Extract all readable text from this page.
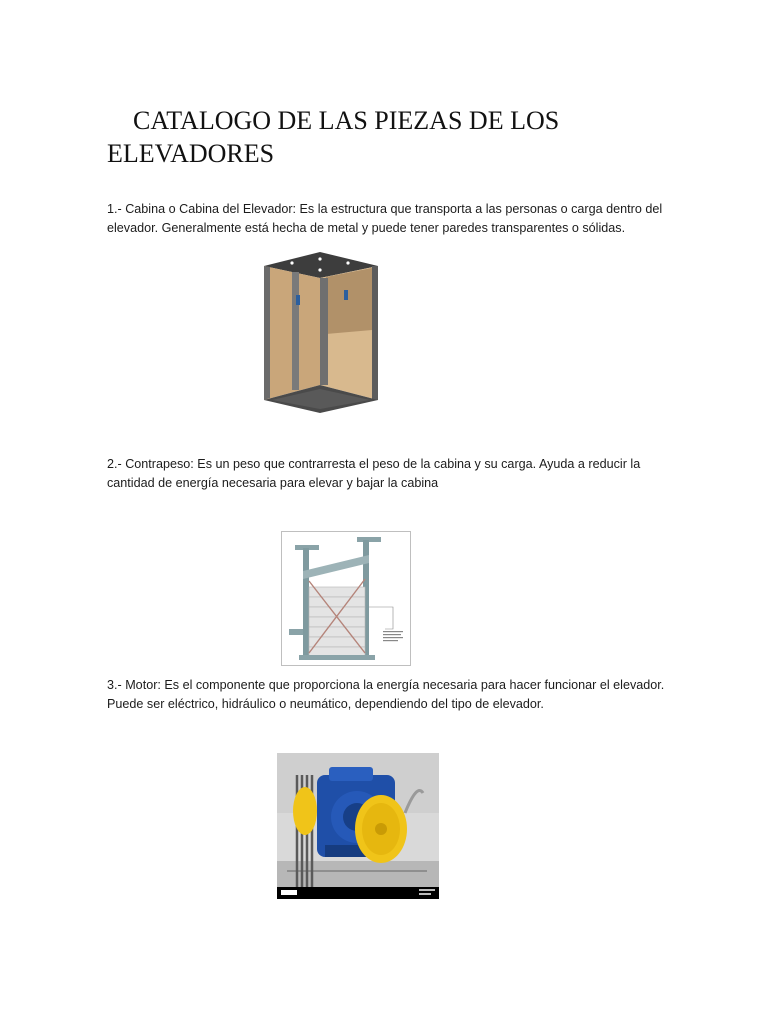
CATALOGO DE LAS PIEZAS DE LOS ELEVADORES

1.- Cabina o Cabina del Elevador: Es la estructura que transporta a las personas o carga dentro del elevador. Generalmente está hecha de metal y puede tener paredes transparentes o sólidas.

2.- Contrapeso: Es un peso que contrarresta el peso de la cabina y su carga. Ayuda a reducir la cantidad de energía necesaria para elevar y bajar la cabina

3.- Motor: Es el componente que proporciona la energía necesaria para hacer funcionar el elevador. Puede ser eléctrico, hidráulico o neumático, dependiendo del tipo de elevador.
